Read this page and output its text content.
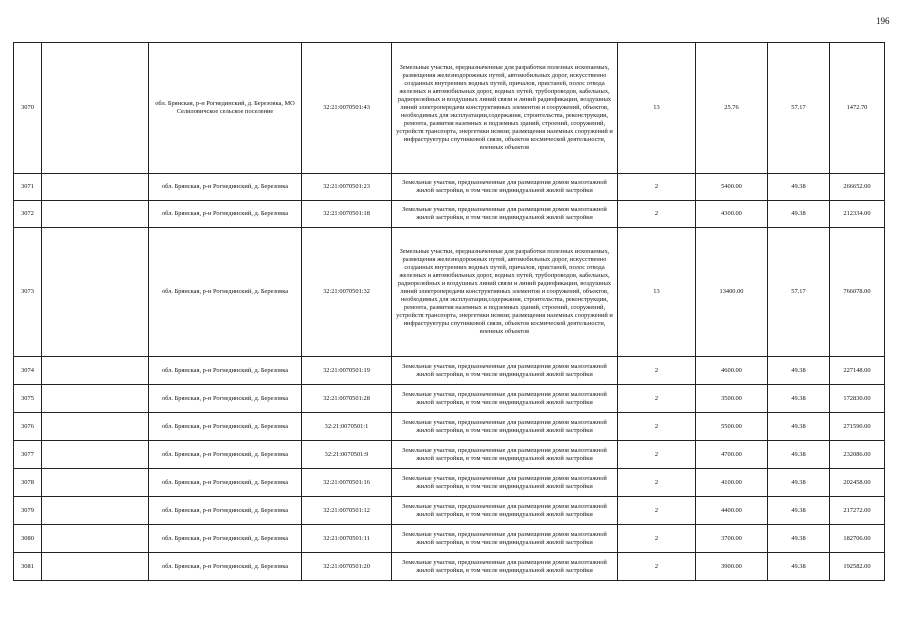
196
3070		обл. Брянская, р-н Рогнединский, д. Березовка, МО Селиловичское сельское поселение	32:21:0070501:43	Земельные участки, предназначенные для разработки полезных ископаемых, размещения железнодорожных путей, автомобильных дорог, искусственно созданных внутренних водных путей, причалов, пристаней, полос отвода железных и автомобильных дорог, водных путей, трубопроводов, кабельных, радиорелейных и воздушных линий связи и линий радиофикации, воздушных линий электропередачи конструктивных элементов и сооружений, объектов, необходимых для эксплуатации,содержания, строительства, реконструкции, ремонта, развития наземных и подземных зданий, строений, сооружений, устройств транспорта, энергетики исвязи; размещения наземных сооружений и инфраструктуры спутниковой связи, объектов космической деятельности, военных объектов	13	25.76	57.17	1472.70
3071		обл. Брянская, р-н Рогнединский, д. Березовка	32:21:0070501:23	Земельные участки, предназначенные для размещения домов малоэтажной жилой застройки, в том числе индивидуальной жилой застройки	2	5400.00	49.38	266652.00
3072		обл. Брянская, р-н Рогнединский, д. Березовка	32:21:0070501:18	Земельные участки, предназначенные для размещения домов малоэтажной жилой застройки, в том числе индивидуальной жилой застройки	2	4300.00	49.38	212334.00
3073		обл. Брянская, р-н Рогнединский, д. Березовка	32:21:0070501:32	Земельные участки, предназначенные для разработки полезных ископаемых, размещения железнодорожных путей, автомобильных дорог, искусственно созданных внутренних водных путей, причалов, пристаней, полос отвода железных и автомобильных дорог, водных путей, трубопроводов, кабельных, радиорелейных и воздушных линий связи и линий радиофикации, воздушных линий электропередачи конструктивных элементов и сооружений, объектов, необходимых для эксплуатации,содержания, строительства, реконструкции, ремонта, развития наземных и подземных зданий, строений, сооружений, устройств транспорта, энергетики исвязи; размещения наземных сооружений и инфраструктуры спутниковой связи, объектов космической деятельности, военных объектов	13	13400.00	57.17	766078.00
3074		обл. Брянская, р-н Рогнединский, д. Березовка	32:21:0070501:19	Земельные участки, предназначенные для размещения домов малоэтажной жилой застройки, в том числе индивидуальной жилой застройки	2	4600.00	49.38	227148.00
3075		обл. Брянская, р-н Рогнединский, д. Березовка	32:21:0070501:28	Земельные участки, предназначенные для размещения домов малоэтажной жилой застройки, в том числе индивидуальной жилой застройки	2	3500.00	49.38	172830.00
3076		обл. Брянская, р-н Рогнединский, д. Березовка	32:21:0070501:1	Земельные участки, предназначенные для размещения домов малоэтажной жилой застройки, в том числе индивидуальной жилой застройки	2	5500.00	49.38	271590.00
3077		обл. Брянская, р-н Рогнединский, д. Березовка	32:21:0070501:9	Земельные участки, предназначенные для размещения домов малоэтажной жилой застройки, в том числе индивидуальной жилой застройки	2	4700.00	49.38	232086.00
3078		обл. Брянская, р-н Рогнединский, д. Березовка	32:21:0070501:16	Земельные участки, предназначенные для размещения домов малоэтажной жилой застройки, в том числе индивидуальной жилой застройки	2	4100.00	49.38	202458.00
3079		обл. Брянская, р-н Рогнединский, д. Березовка	32:21:0070501:12	Земельные участки, предназначенные для размещения домов малоэтажной жилой застройки, в том числе индивидуальной жилой застройки	2	4400.00	49.38	217272.00
3080		обл. Брянская, р-н Рогнединский, д. Березовка	32:21:0070501:11	Земельные участки, предназначенные для размещения домов малоэтажной жилой застройки, в том числе индивидуальной жилой застройки	2	3700.00	49.38	182706.00
3081		обл. Брянская, р-н Рогнединский, д. Березовка	32:21:0070501:20	Земельные участки, предназначенные для размещения домов малоэтажной жилой застройки, в том числе индивидуальной жилой застройки	2	3900.00	49.38	192582.00
